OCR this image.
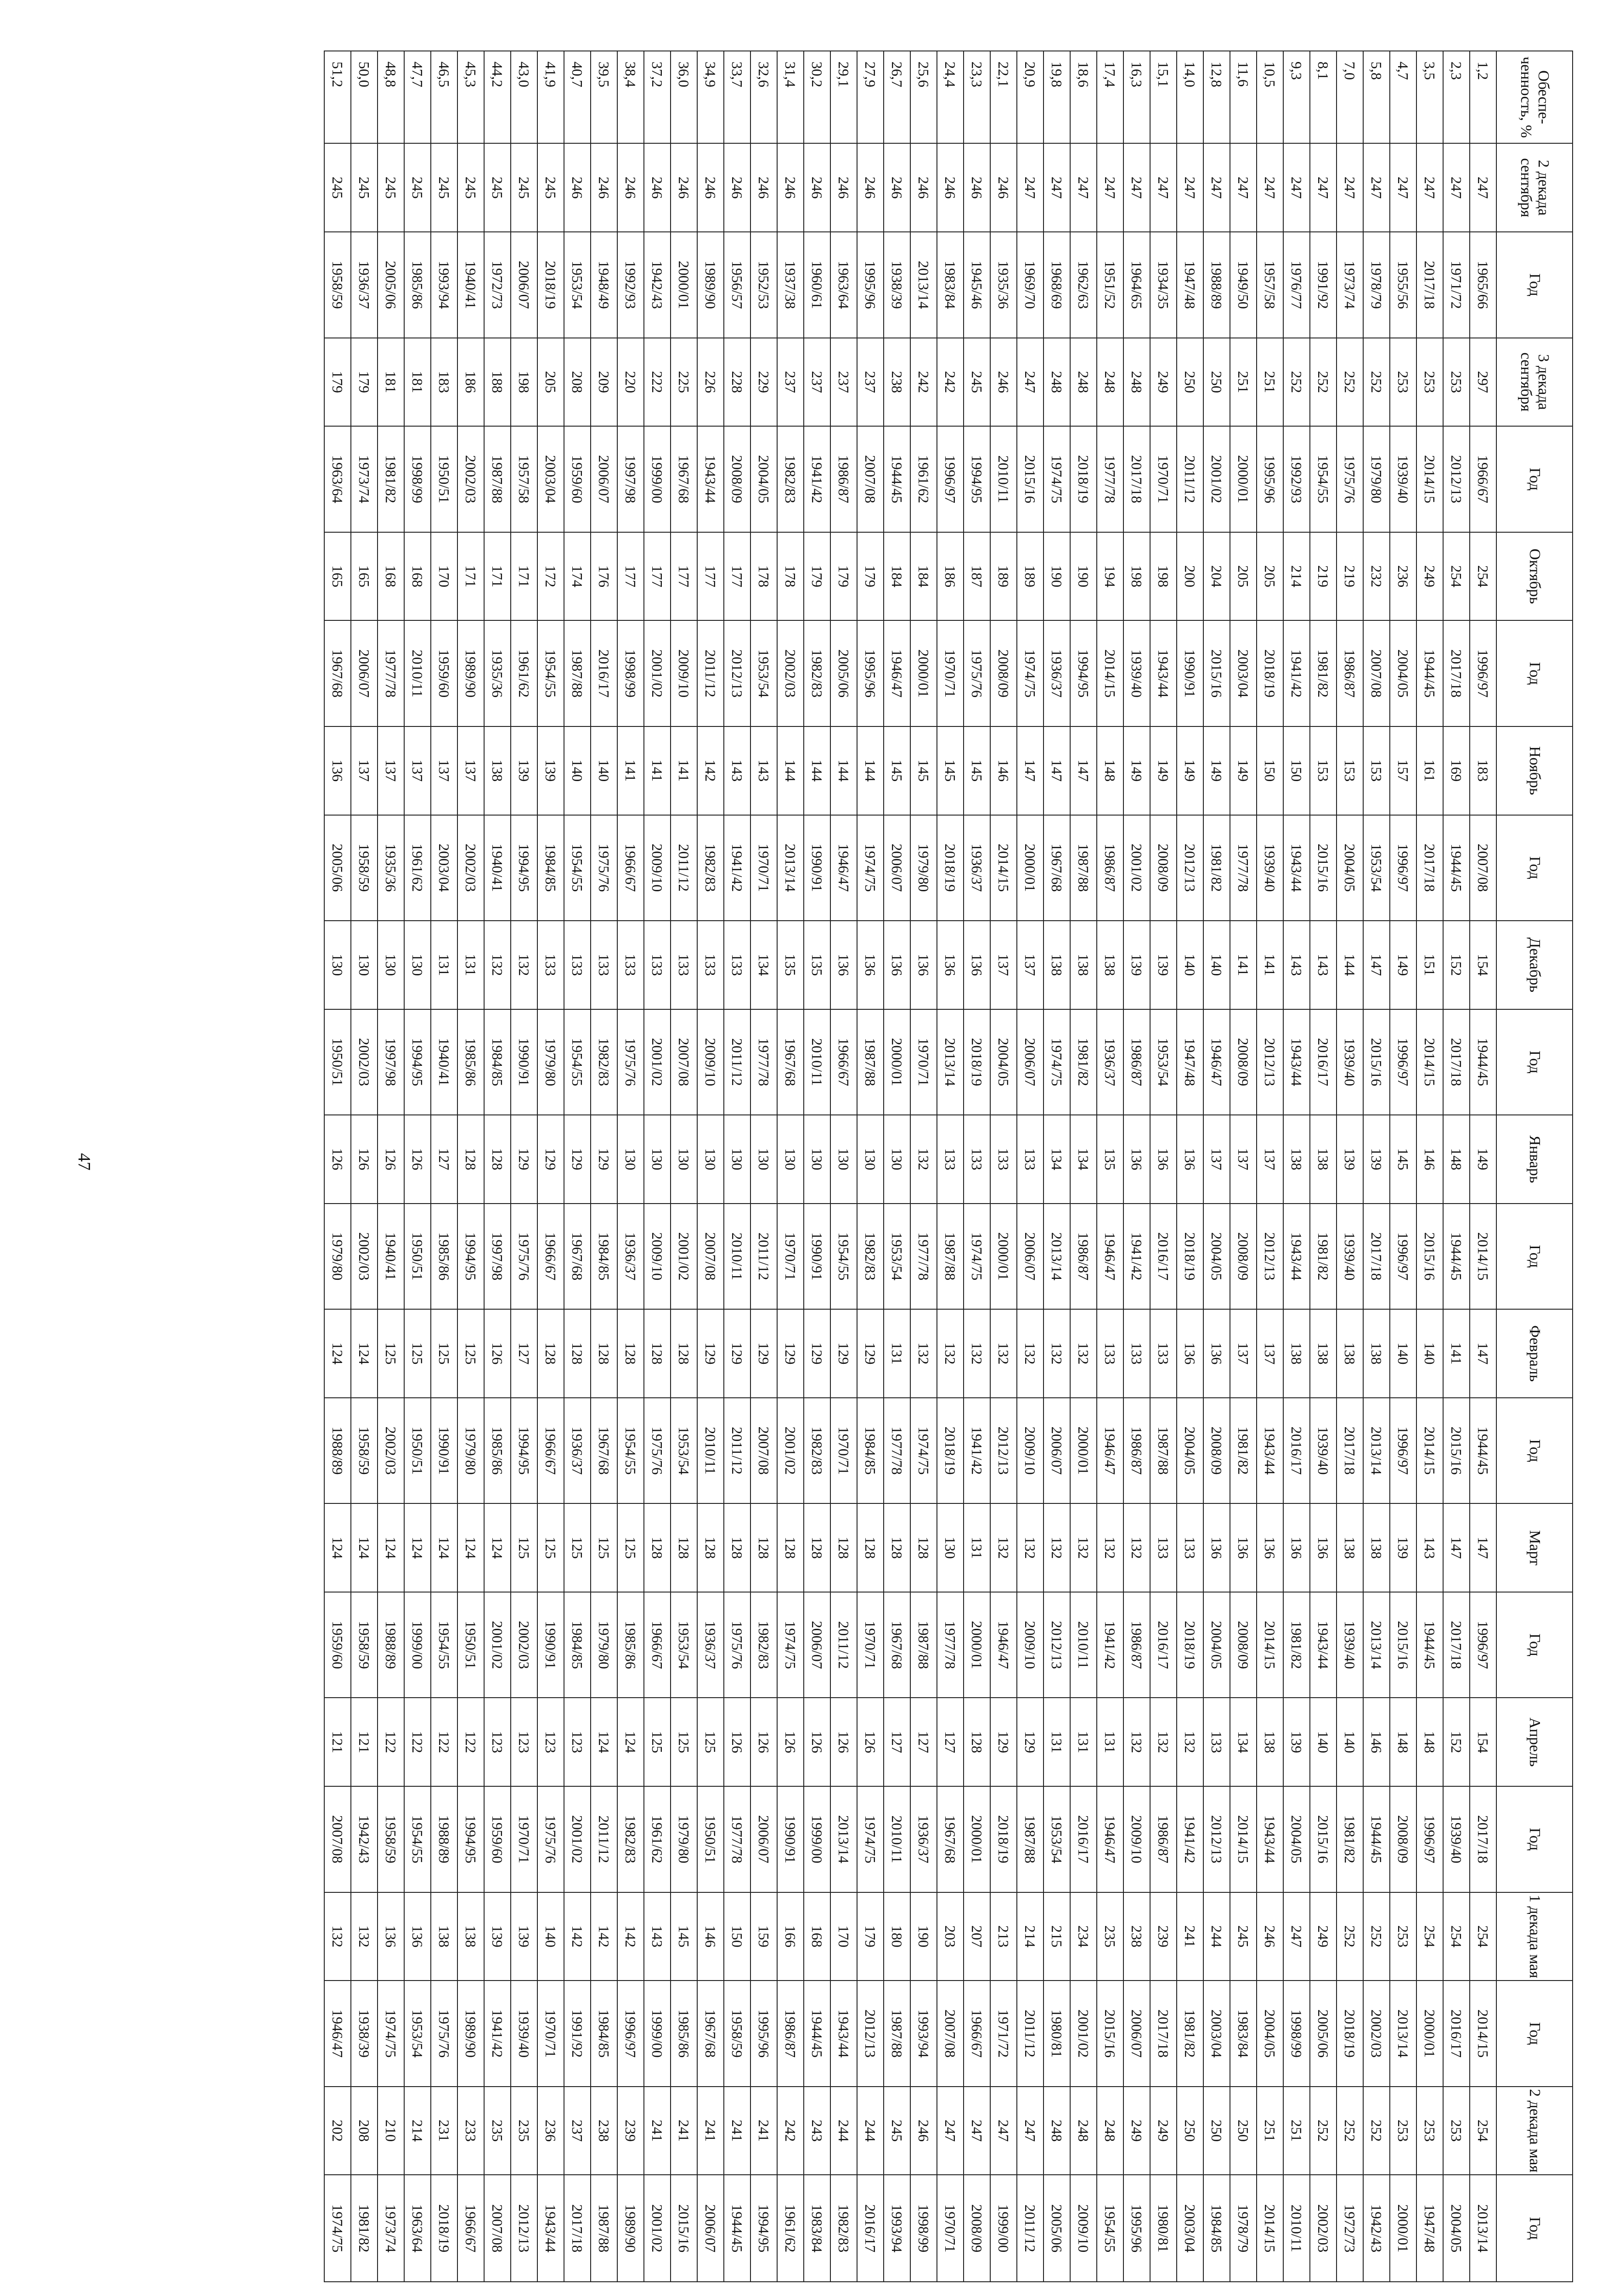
47
Обеспе-ченность, %	2 декада сентября	Год	3 декада сентября	Год	Октябрь	Год	Ноябрь	Год	Декабрь	Год	Январь	Год	Февраль	Год	Март	Год	Апрель	Год	1 декада мая	Год	2 декада мая	Год
1,2	247	1965/66	297	1966/67	254	1996/97	183	2007/08	154	1944/45	149	2014/15	147	1944/45	147	1996/97	154	2017/18	254	2014/15	254	2013/14
2,3	247	1971/72	253	2012/13	254	2017/18	169	1944/45	152	2017/18	148	1944/45	141	2015/16	147	2017/18	152	1939/40	254	2016/17	253	2004/05
3,5	247	2017/18	253	2014/15	249	1944/45	161	2017/18	151	2014/15	146	2015/16	140	2014/15	143	1944/45	148	1996/97	254	2000/01	253	1947/48
4,7	247	1955/56	253	1939/40	236	2004/05	157	1996/97	149	1996/97	145	1996/97	140	1996/97	139	2015/16	148	2008/09	253	2013/14	253	2000/01
5,8	247	1978/79	252	1979/80	232	2007/08	153	1953/54	147	2015/16	139	2017/18	138	2013/14	138	2013/14	146	1944/45	252	2002/03	252	1942/43
7,0	247	1973/74	252	1975/76	219	1986/87	153	2004/05	144	1939/40	139	1939/40	138	2017/18	138	1939/40	140	1981/82	252	2018/19	252	1972/73
8,1	247	1991/92	252	1954/55	219	1981/82	153	2015/16	143	2016/17	138	1981/82	138	1939/40	136	1943/44	140	2015/16	249	2005/06	252	2002/03
9,3	247	1976/77	252	1992/93	214	1941/42	150	1943/44	143	1943/44	138	1943/44	138	2016/17	136	1981/82	139	2004/05	247	1998/99	251	2010/11
10,5	247	1957/58	251	1995/96	205	2018/19	150	1939/40	141	2012/13	137	2012/13	137	1943/44	136	2014/15	138	1943/44	246	2004/05	251	2014/15
11,6	247	1949/50	251	2000/01	205	2003/04	149	1977/78	141	2008/09	137	2008/09	137	1981/82	136	2008/09	134	2014/15	245	1983/84	250	1978/79
12,8	247	1988/89	250	2001/02	204	2015/16	149	1981/82	140	1946/47	137	2004/05	136	2008/09	136	2004/05	133	2012/13	244	2003/04	250	1984/85
14,0	247	1947/48	250	2011/12	200	1990/91	149	2012/13	140	1947/48	136	2018/19	136	2004/05	133	2018/19	132	1941/42	241	1981/82	250	2003/04
15,1	247	1934/35	249	1970/71	198	1943/44	149	2008/09	139	1953/54	136	2016/17	133	1987/88	133	2016/17	132	1986/87	239	2017/18	249	1980/81
16,3	247	1964/65	248	2017/18	198	1939/40	149	2001/02	139	1986/87	136	1941/42	133	1986/87	132	1986/87	132	2009/10	238	2006/07	249	1995/96
17,4	247	1951/52	248	1977/78	194	2014/15	148	1986/87	138	1936/37	135	1946/47	133	1946/47	132	1941/42	131	1946/47	235	2015/16	248	1954/55
18,6	247	1962/63	248	2018/19	190	1994/95	147	1987/88	138	1981/82	134	1986/87	132	2000/01	132	2010/11	131	2016/17	234	2001/02	248	2009/10
19,8	247	1968/69	248	1974/75	190	1936/37	147	1967/68	138	1974/75	134	2013/14	132	2006/07	132	2012/13	131	1953/54	215	1980/81	248	2005/06
20,9	247	1969/70	247	2015/16	189	1974/75	147	2000/01	137	2006/07	133	2006/07	132	2009/10	132	2009/10	129	1987/88	214	2011/12	247	2011/12
22,1	246	1935/36	246	2010/11	189	2008/09	146	2014/15	137	2004/05	133	2000/01	132	2012/13	132	1946/47	129	2018/19	213	1971/72	247	1999/00
23,3	246	1945/46	245	1994/95	187	1975/76	145	1936/37	136	2018/19	133	1974/75	132	1941/42	131	2000/01	128	2000/01	207	1966/67	247	2008/09
24,4	246	1983/84	242	1996/97	186	1970/71	145	2018/19	136	2013/14	133	1987/88	132	2018/19	130	1977/78	127	1967/68	203	2007/08	247	1970/71
25,6	246	2013/14	242	1961/62	184	2000/01	145	1979/80	136	1970/71	132	1977/78	132	1974/75	128	1987/88	127	1936/37	190	1993/94	246	1998/99
26,7	246	1938/39	238	1944/45	184	1946/47	145	2006/07	136	2000/01	130	1953/54	131	1977/78	128	1967/68	127	2010/11	180	1987/88	245	1993/94
27,9	246	1995/96	237	2007/08	179	1995/96	144	1974/75	136	1987/88	130	1982/83	129	1984/85	128	1970/71	126	1974/75	179	2012/13	244	2016/17
29,1	246	1963/64	237	1986/87	179	2005/06	144	1946/47	136	1966/67	130	1954/55	129	1970/71	128	2011/12	126	2013/14	170	1943/44	244	1982/83
30,2	246	1960/61	237	1941/42	179	1982/83	144	1990/91	135	2010/11	130	1990/91	129	1982/83	128	2006/07	126	1999/00	168	1944/45	243	1983/84
31,4	246	1937/38	237	1982/83	178	2002/03	144	2013/14	135	1967/68	130	1970/71	129	2001/02	128	1974/75	126	1990/91	166	1986/87	242	1961/62
32,6	246	1952/53	229	2004/05	178	1953/54	143	1970/71	134	1977/78	130	2011/12	129	2007/08	128	1982/83	126	2006/07	159	1995/96	241	1994/95
33,7	246	1956/57	228	2008/09	177	2012/13	143	1941/42	133	2011/12	130	2010/11	129	2011/12	128	1975/76	126	1977/78	150	1958/59	241	1944/45
34,9	246	1989/90	226	1943/44	177	2011/12	142	1982/83	133	2009/10	130	2007/08	129	2010/11	128	1936/37	125	1950/51	146	1967/68	241	2006/07
36,0	246	2000/01	225	1967/68	177	2009/10	141	2011/12	133	2007/08	130	2001/02	128	1953/54	128	1953/54	125	1979/80	145	1985/86	241	2015/16
37,2	246	1942/43	222	1999/00	177	2001/02	141	2009/10	133	2001/02	130	2009/10	128	1975/76	128	1966/67	125	1961/62	143	1999/00	241	2001/02
38,4	246	1992/93	220	1997/98	177	1998/99	141	1966/67	133	1975/76	130	1936/37	128	1954/55	125	1985/86	124	1982/83	142	1996/97	239	1989/90
39,5	246	1948/49	209	2006/07	176	2016/17	140	1975/76	133	1982/83	129	1984/85	128	1967/68	125	1979/80	124	2011/12	142	1984/85	238	1987/88
40,7	246	1953/54	208	1959/60	174	1987/88	140	1954/55	133	1954/55	129	1967/68	128	1936/37	125	1984/85	123	2001/02	142	1991/92	237	2017/18
41,9	245	2018/19	205	2003/04	172	1954/55	139	1984/85	133	1979/80	129	1966/67	128	1966/67	125	1990/91	123	1975/76	140	1970/71	236	1943/44
43,0	245	2006/07	198	1957/58	171	1961/62	139	1994/95	132	1990/91	129	1975/76	127	1994/95	125	2002/03	123	1970/71	139	1939/40	235	2012/13
44,2	245	1972/73	188	1987/88	171	1935/36	138	1940/41	132	1984/85	128	1997/98	126	1985/86	124	2001/02	123	1959/60	139	1941/42	235	2007/08
45,3	245	1940/41	186	2002/03	171	1989/90	137	2002/03	131	1985/86	128	1994/95	125	1979/80	124	1950/51	122	1994/95	138	1989/90	233	1966/67
46,5	245	1993/94	183	1950/51	170	1959/60	137	2003/04	131	1940/41	127	1985/86	125	1990/91	124	1954/55	122	1988/89	138	1975/76	231	2018/19
47,7	245	1985/86	181	1998/99	168	2010/11	137	1961/62	130	1994/95	126	1950/51	125	1950/51	124	1999/00	122	1954/55	136	1953/54	214	1963/64
48,8	245	2005/06	181	1981/82	168	1977/78	137	1935/36	130	1997/98	126	1940/41	125	2002/03	124	1988/89	122	1958/59	136	1974/75	210	1973/74
50,0	245	1936/37	179	1973/74	165	2006/07	137	1958/59	130	2002/03	126	2002/03	124	1958/59	124	1958/59	121	1942/43	132	1938/39	208	1981/82
51,2	245	1958/59	179	1963/64	165	1967/68	136	2005/06	130	1950/51	126	1979/80	124	1988/89	124	1959/60	121	2007/08	132	1946/47	202	1974/75
